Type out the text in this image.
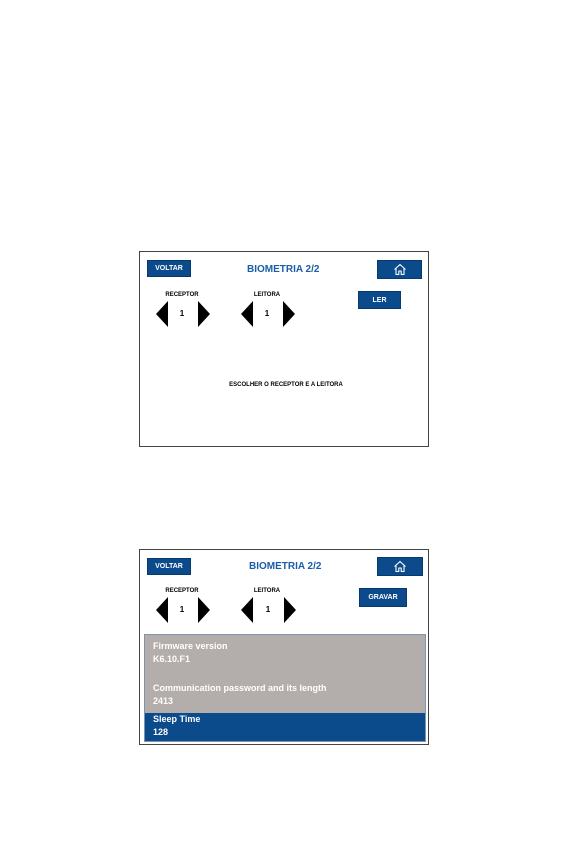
VOLTAR	BIOMETRIA 2/2
RECEPTOR
1
LEITORA
1
LER
ESCOLHER O RECEPTOR E A LEITORA
VOLTAR	BIOMETRIA 2/2
RECEPTOR
1
LEITORA
1
GRAVAR
Firmware version
K6.10.F1
Communication password and its length
2413
Sleep Time
128
